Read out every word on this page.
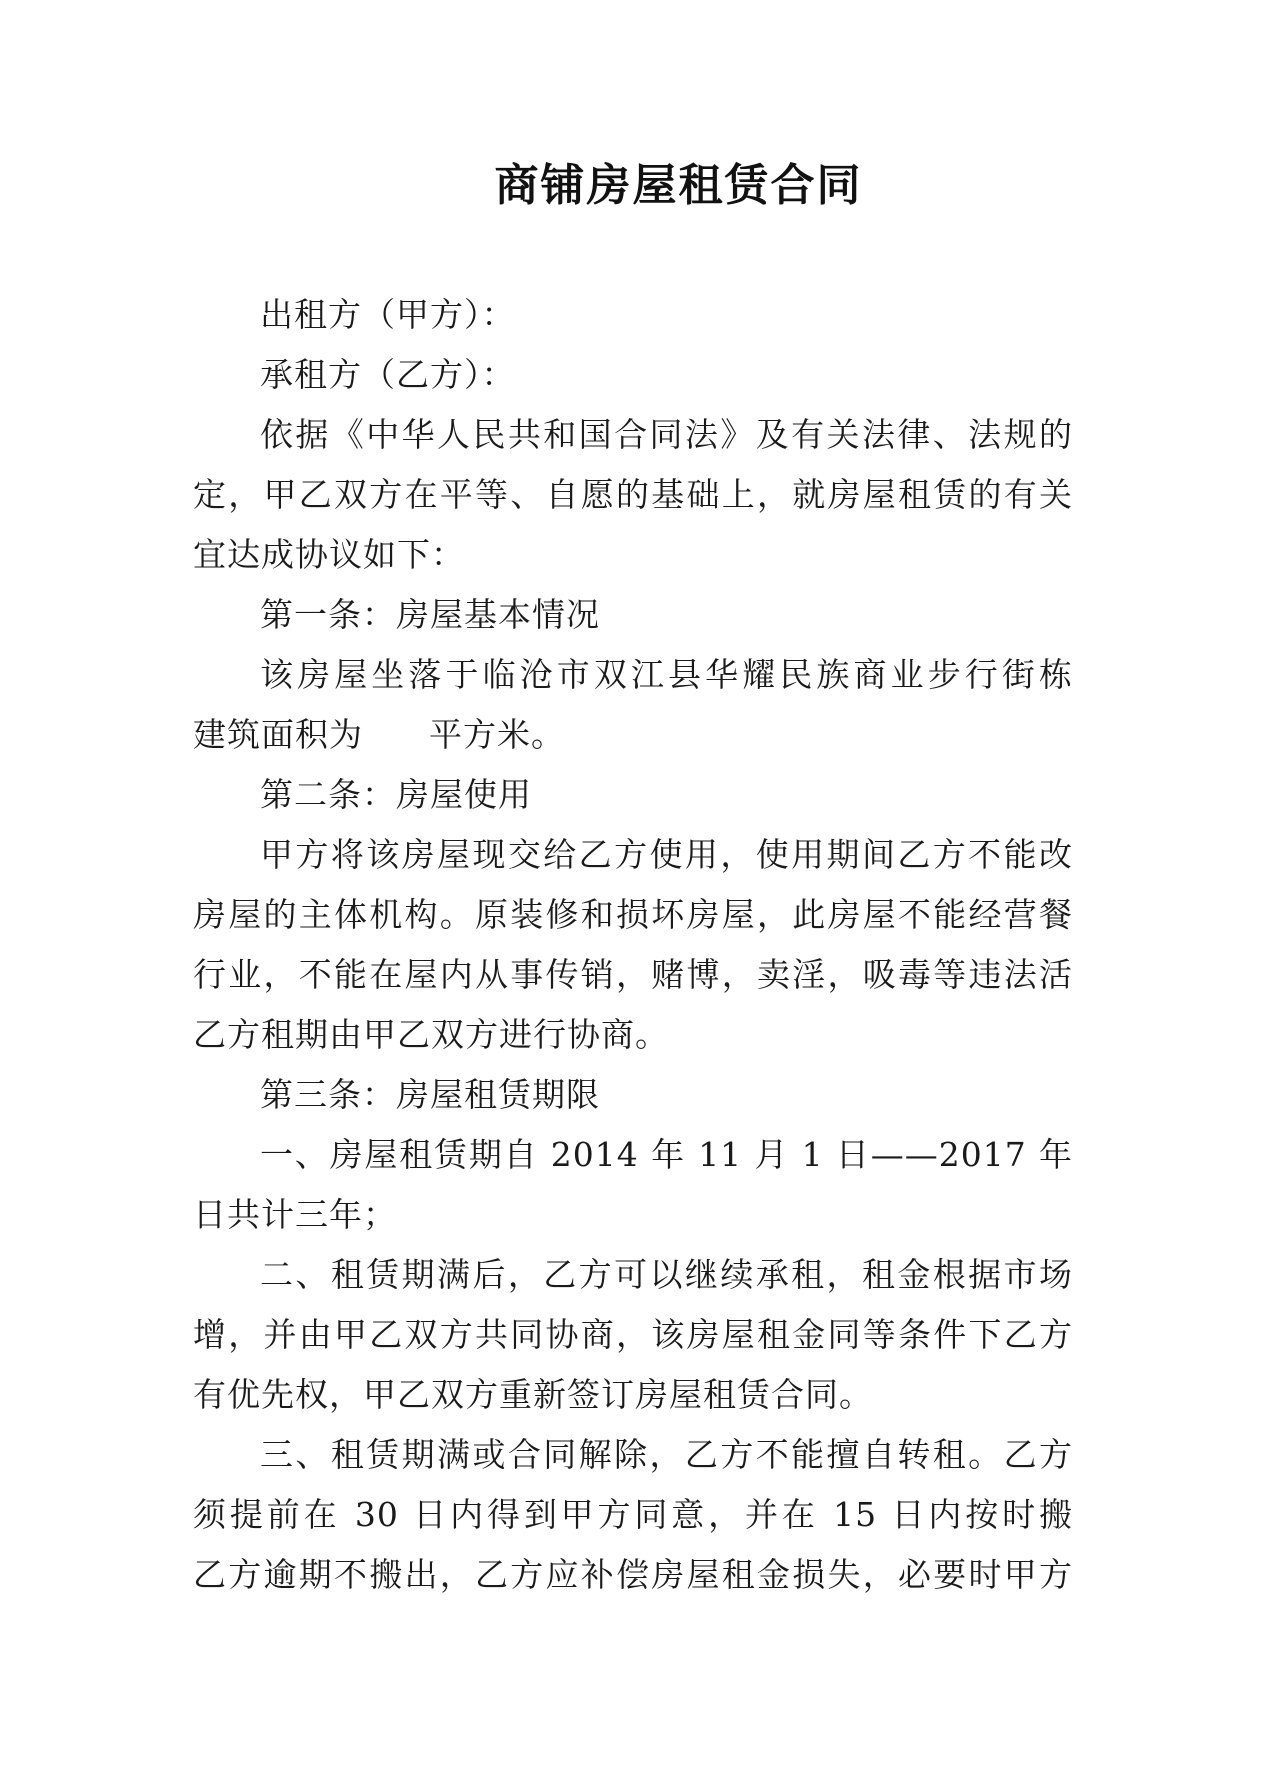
商铺房屋租赁合同
出租方（甲方）：
承租方（乙方）：
依据《中华人民共和国合同法》及有关法律、法规的
定，甲乙双方在平等、自愿的基础上，就房屋租赁的有关
宜达成协议如下：
第一条：房屋基本情况
该房屋坐落于临沧市双江县华耀民族商业步行街栋
建筑面积为 平方米。
第二条：房屋使用
甲方将该房屋现交给乙方使用，使用期间乙方不能改
房屋的主体机构。原装修和损坏房屋，此房屋不能经营餐
行业，不能在屋内从事传销，赌博，卖淫，吸毒等违法活
乙方租期由甲乙双方进行协商。
第三条：房屋租赁期限
一、房屋租赁期自 2014 年 11 月 1 日——2017 年
日共计三年；
二、租赁期满后，乙方可以继续承租，租金根据市场
增，并由甲乙双方共同协商，该房屋租金同等条件下乙方
有优先权，甲乙双方重新签订房屋租赁合同。
三、租赁期满或合同解除，乙方不能擅自转租。乙方
须提前在 30 日内得到甲方同意，并在 15 日内按时搬
乙方逾期不搬出，乙方应补偿房屋租金损失，必要时甲方
